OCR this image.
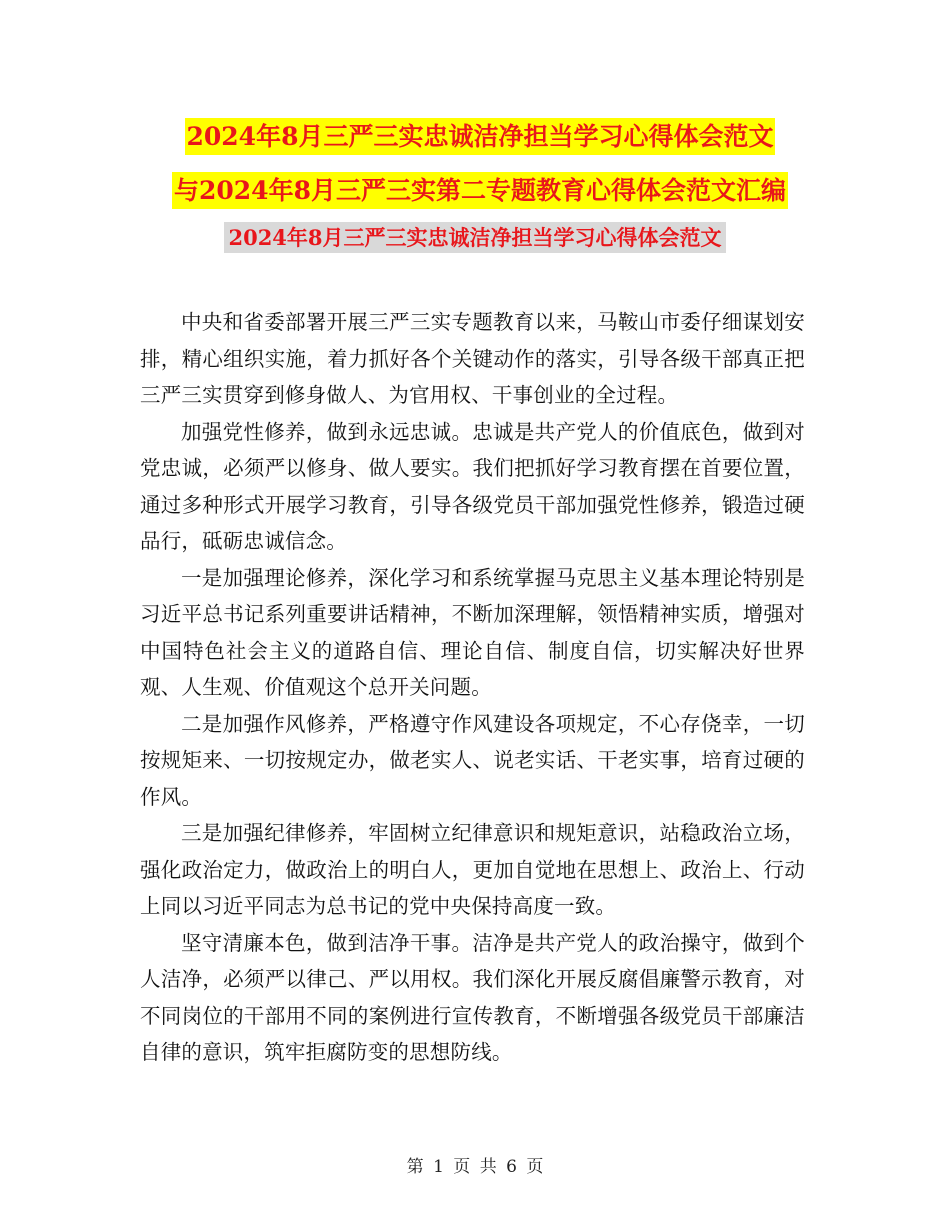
2024年8月三严三实忠诚洁净担当学习心得体会范文
与2024年8月三严三实第二专题教育心得体会范文汇编
2024年8月三严三实忠诚洁净担当学习心得体会范文

中央和省委部署开展三严三实专题教育以来，马鞍山市委仔细谋划安排，精心组织实施，着力抓好各个关键动作的落实，引导各级干部真正把三严三实贯穿到修身做人、为官用权、干事创业的全过程。

加强党性修养，做到永远忠诚。忠诚是共产党人的价值底色，做到对党忠诚，必须严以修身、做人要实。我们把抓好学习教育摆在首要位置，通过多种形式开展学习教育，引导各级党员干部加强党性修养，锻造过硬品行，砥砺忠诚信念。

一是加强理论修养，深化学习和系统掌握马克思主义基本理论特别是习近平总书记系列重要讲话精神，不断加深理解，领悟精神实质，增强对中国特色社会主义的道路自信、理论自信、制度自信，切实解决好世界观、人生观、价值观这个总开关问题。

二是加强作风修养，严格遵守作风建设各项规定，不心存侥幸，一切按规矩来、一切按规定办，做老实人、说老实话、干老实事，培育过硬的作风。

三是加强纪律修养，牢固树立纪律意识和规矩意识，站稳政治立场，强化政治定力，做政治上的明白人，更加自觉地在思想上、政治上、行动上同以习近平同志为总书记的党中央保持高度一致。

坚守清廉本色，做到洁净干事。洁净是共产党人的政治操守，做到个人洁净，必须严以律己、严以用权。我们深化开展反腐倡廉警示教育，对不同岗位的干部用不同的案例进行宣传教育，不断增强各级党员干部廉洁自律的意识，筑牢拒腐防变的思想防线。

第 1 页 共 6 页
